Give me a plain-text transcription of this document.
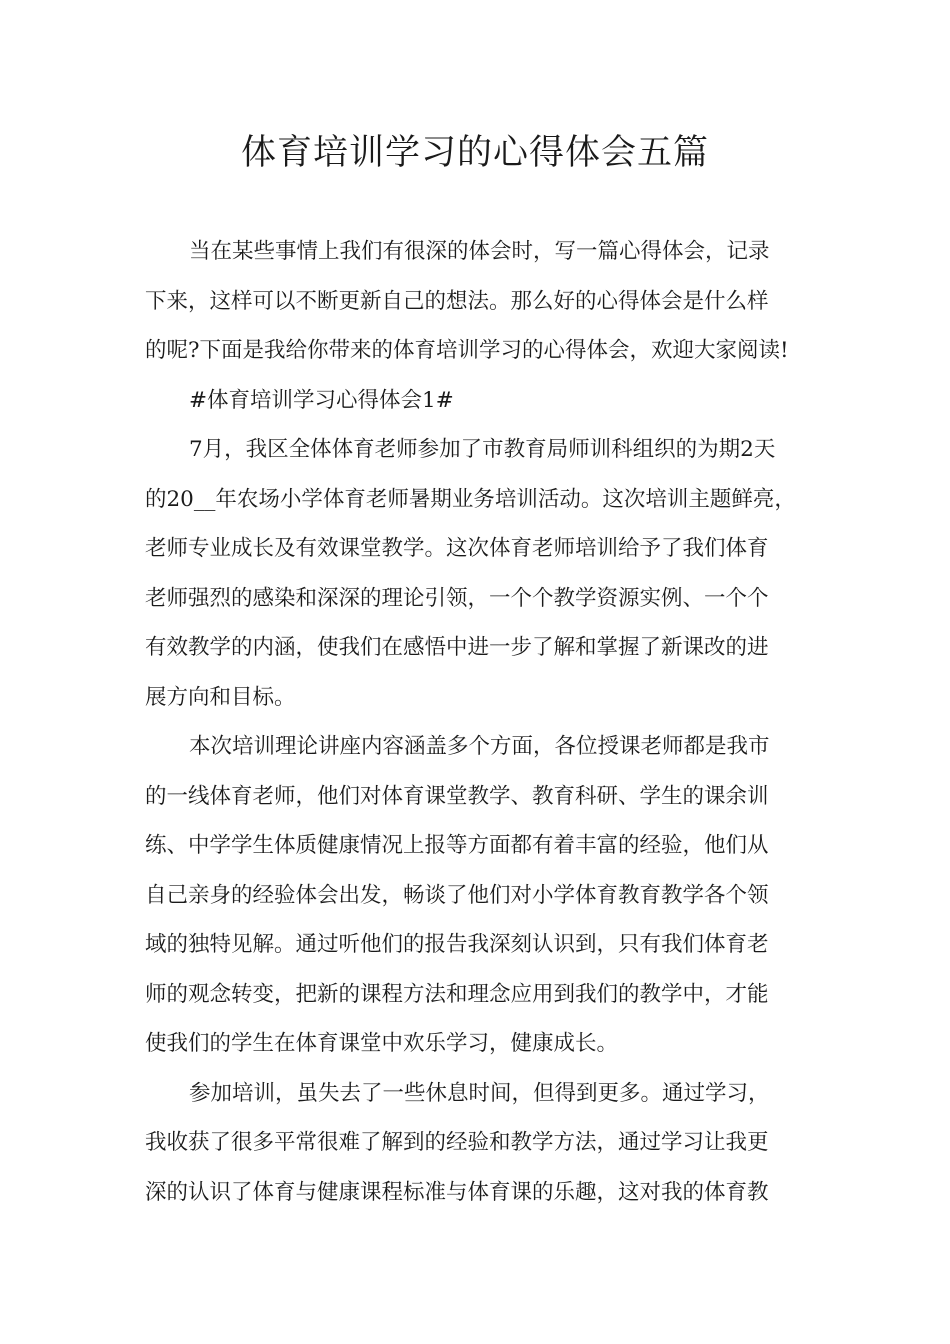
体育培训学习的心得体会五篇
当在某些事情上我们有很深的体会时，写一篇心得体会，记录
下来，这样可以不断更新自己的想法。那么好的心得体会是什么样
的呢?下面是我给你带来的体育培训学习的心得体会，欢迎大家阅读!
#体育培训学习心得体会1#
7月，我区全体体育老师参加了市教育局师训科组织的为期2天
的20__年农场小学体育老师暑期业务培训活动。这次培训主题鲜亮，
老师专业成长及有效课堂教学。这次体育老师培训给予了我们体育
老师强烈的感染和深深的理论引领，一个个教学资源实例、一个个
有效教学的内涵，使我们在感悟中进一步了解和掌握了新课改的进
展方向和目标。
本次培训理论讲座内容涵盖多个方面，各位授课老师都是我市
的一线体育老师，他们对体育课堂教学、教育科研、学生的课余训
练、中学学生体质健康情况上报等方面都有着丰富的经验，他们从
自己亲身的经验体会出发，畅谈了他们对小学体育教育教学各个领
域的独特见解。通过听他们的报告我深刻认识到，只有我们体育老
师的观念转变，把新的课程方法和理念应用到我们的教学中，才能
使我们的学生在体育课堂中欢乐学习，健康成长。
参加培训，虽失去了一些休息时间，但得到更多。通过学习，
我收获了很多平常很难了解到的经验和教学方法，通过学习让我更
深的认识了体育与健康课程标准与体育课的乐趣，这对我的体育教
